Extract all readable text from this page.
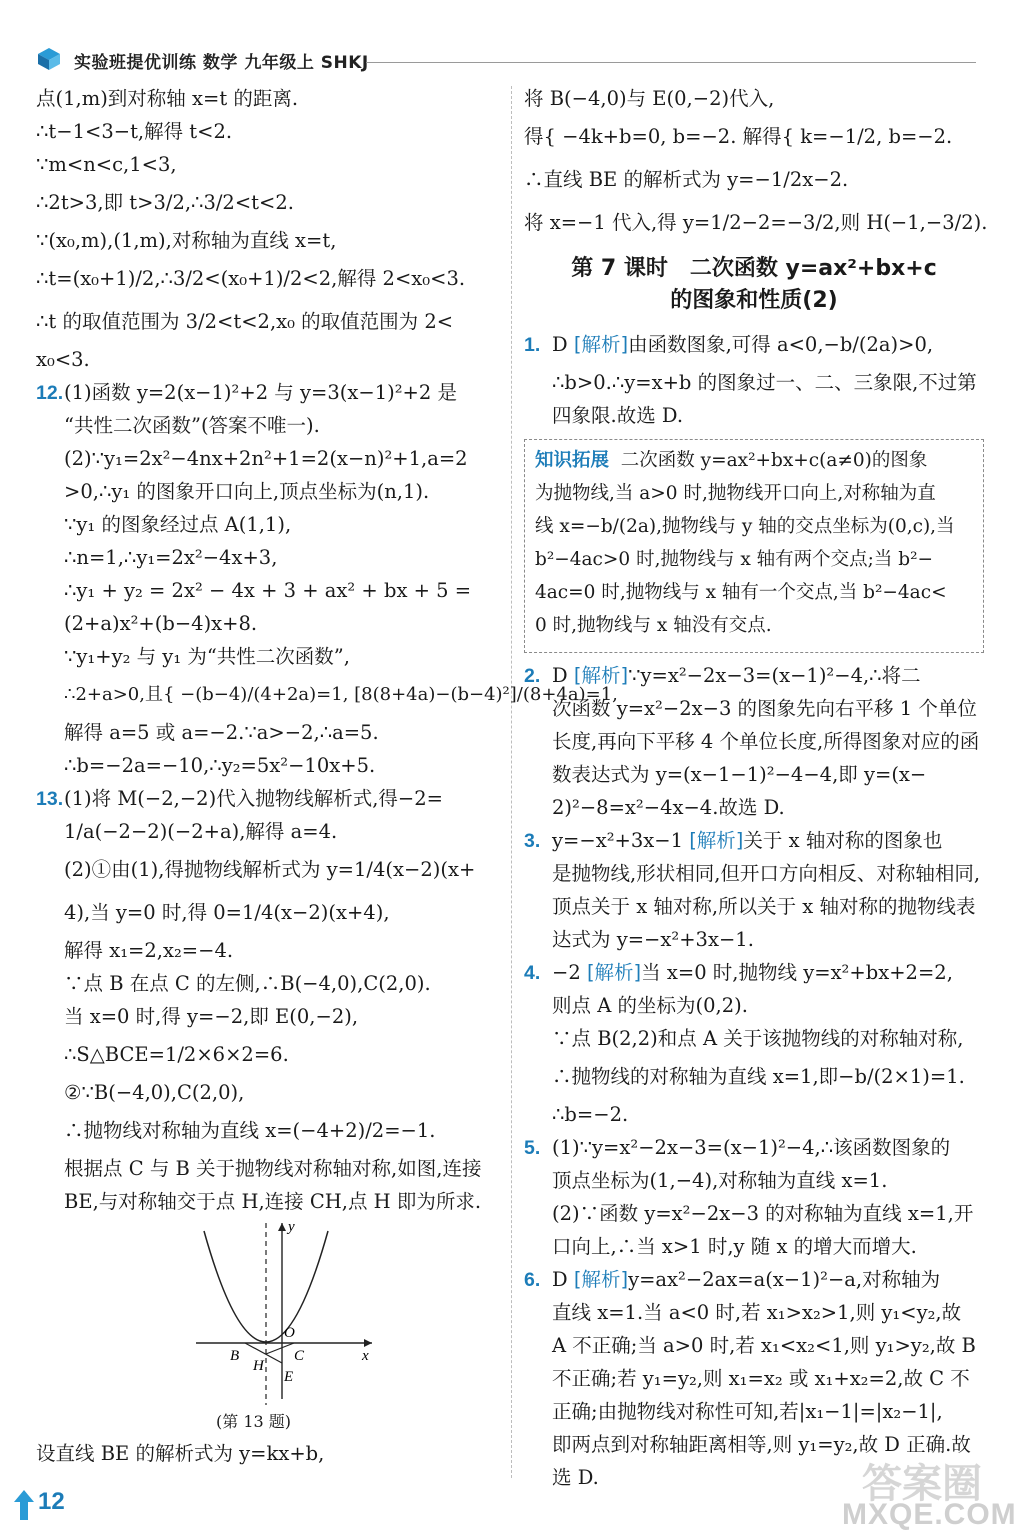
实验班提优训练 数学 九年级上 SHKJ
点(1,m)到对称轴 x=t 的距离.
∴t−1<3−t,解得 t<2.
∵m<n<c,1<3,
∴2t>3,即 t>3/2,∴3/2<t<2.
∵(x₀,m),(1,m),对称轴为直线 x=t,
∴t=(x₀+1)/2,∴3/2<(x₀+1)/2<2,解得 2<x₀<3.
∴t 的取值范围为 3/2<t<2,x₀ 的取值范围为 2<
x₀<3.
12.(1)函数 y=2(x−1)²+2 与 y=3(x−1)²+2 是
“共性二次函数”(答案不唯一).
(2)∵y₁=2x²−4nx+2n²+1=2(x−n)²+1,a=2
>0,∴y₁ 的图象开口向上,顶点坐标为(n,1).
∵y₁ 的图象经过点 A(1,1),
∴n=1,∴y₁=2x²−4x+3,
∴y₁ + y₂ = 2x² − 4x + 3 + ax² + bx + 5 =
(2+a)x²+(b−4)x+8.
∵y₁+y₂ 与 y₁ 为“共性二次函数”,
∴2+a>0,且{ −(b−4)/(4+2a)=1, [8(8+4a)−(b−4)²]/(8+4a)=1,
解得 a=5 或 a=−2.∵a>−2,∴a=5.
∴b=−2a=−10,∴y₂=5x²−10x+5.
13.(1)将 M(−2,−2)代入抛物线解析式,得−2=
1/a(−2−2)(−2+a),解得 a=4.
(2)①由(1),得抛物线解析式为 y=1/4(x−2)(x+
4),当 y=0 时,得 0=1/4(x−2)(x+4),
解得 x₁=2,x₂=−4.
∵点 B 在点 C 的左侧,∴B(−4,0),C(2,0).
当 x=0 时,得 y=−2,即 E(0,−2),
∴S△BCE=1/2×6×2=6.
②∵B(−4,0),C(2,0),
∴抛物线对称轴为直线 x=(−4+2)/2=−1.
根据点 C 与 B 关于抛物线对称轴对称,如图,连接
BE,与对称轴交于点 H,连接 CH,点 H 即为所求.
y
x
B
O
C
H
E
(第 13 题)
设直线 BE 的解析式为 y=kx+b,
将 B(−4,0)与 E(0,−2)代入,
得{ −4k+b=0, b=−2. 解得{ k=−1/2, b=−2.
∴直线 BE 的解析式为 y=−1/2x−2.
将 x=−1 代入,得 y=1/2−2=−3/2,则 H(−1,−3/2).
第 7 课时　二次函数 y=ax²+bx+c
的图象和性质(2)
1. D [解析]由函数图象,可得 a<0,−b/(2a)>0,
∴b>0.∴y=x+b 的图象过一、二、三象限,不过第
四象限.故选 D.
知识拓展 二次函数 y=ax²+bx+c(a≠0)的图象
为抛物线,当 a>0 时,抛物线开口向上,对称轴为直
线 x=−b/(2a),抛物线与 y 轴的交点坐标为(0,c),当
b²−4ac>0 时,抛物线与 x 轴有两个交点;当 b²−
4ac=0 时,抛物线与 x 轴有一个交点,当 b²−4ac<
0 时,抛物线与 x 轴没有交点.
2. D [解析]∵y=x²−2x−3=(x−1)²−4,∴将二
次函数 y=x²−2x−3 的图象先向右平移 1 个单位
长度,再向下平移 4 个单位长度,所得图象对应的函
数表达式为 y=(x−1−1)²−4−4,即 y=(x−
2)²−8=x²−4x−4.故选 D.
3. y=−x²+3x−1 [解析]关于 x 轴对称的图象也
是抛物线,形状相同,但开口方向相反、对称轴相同,
顶点关于 x 轴对称,所以关于 x 轴对称的抛物线表
达式为 y=−x²+3x−1.
4. −2 [解析]当 x=0 时,抛物线 y=x²+bx+2=2,
则点 A 的坐标为(0,2).
∵点 B(2,2)和点 A 关于该抛物线的对称轴对称,
∴抛物线的对称轴为直线 x=1,即−b/(2×1)=1.
∴b=−2.
5. (1)∵y=x²−2x−3=(x−1)²−4,∴该函数图象的
顶点坐标为(1,−4),对称轴为直线 x=1.
(2)∵函数 y=x²−2x−3 的对称轴为直线 x=1,开
口向上,∴当 x>1 时,y 随 x 的增大而增大.
6. D [解析]y=ax²−2ax=a(x−1)²−a,对称轴为
直线 x=1.当 a<0 时,若 x₁>x₂>1,则 y₁<y₂,故
A 不正确;当 a>0 时,若 x₁<x₂<1,则 y₁>y₂,故 B
不正确;若 y₁=y₂,则 x₁=x₂ 或 x₁+x₂=2,故 C 不
正确;由抛物线对称性可知,若|x₁−1|=|x₂−1|,
即两点到对称轴距离相等,则 y₁=y₂,故 D 正确.故
选 D.
12	答案圈
MXQE.COM
